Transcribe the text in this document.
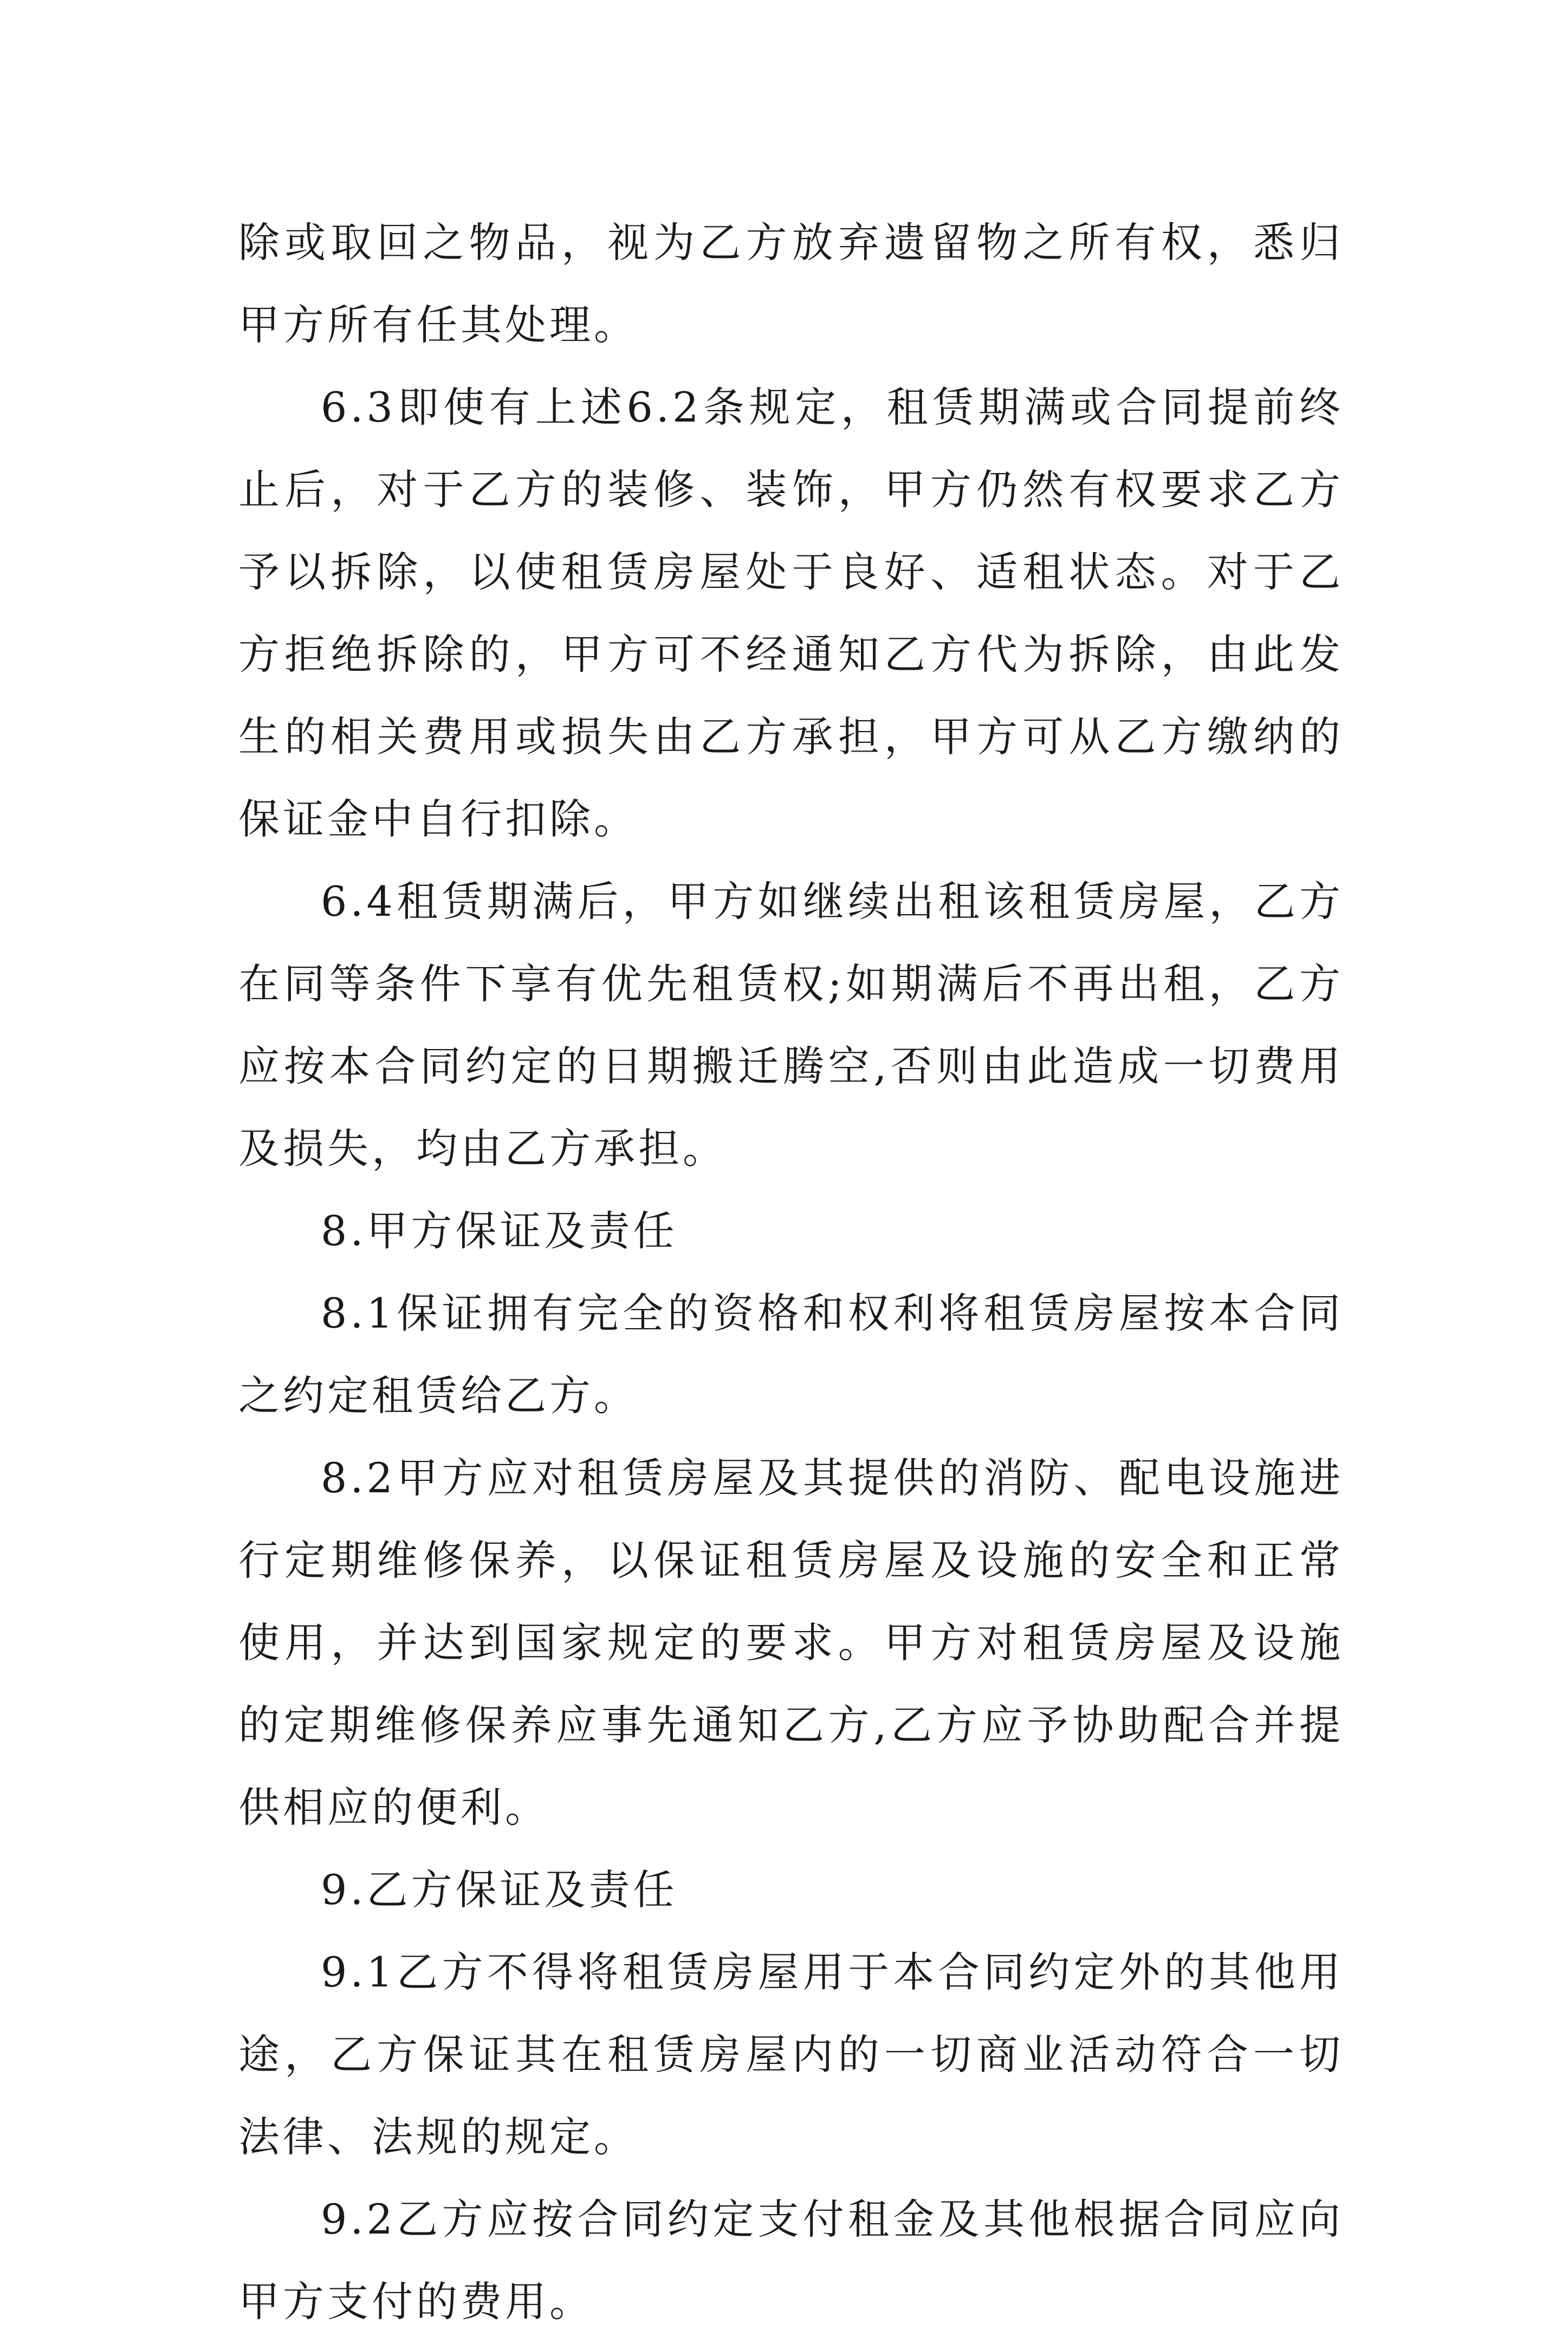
除或取回之物品，视为乙方放弃遗留物之所有权，悉归甲方所有任其处理。

6.3即使有上述6.2条规定，租赁期满或合同提前终止后，对于乙方的装修、装饰，甲方仍然有权要求乙方予以拆除，以使租赁房屋处于良好、适租状态。对于乙方拒绝拆除的，甲方可不经通知乙方代为拆除，由此发生的相关费用或损失由乙方承担，甲方可从乙方缴纳的保证金中自行扣除。

6.4租赁期满后，甲方如继续出租该租赁房屋，乙方在同等条件下享有优先租赁权;如期满后不再出租，乙方应按本合同约定的日期搬迁腾空,否则由此造成一切费用及损失，均由乙方承担。

8.甲方保证及责任

8.1保证拥有完全的资格和权利将租赁房屋按本合同之约定租赁给乙方。

8.2甲方应对租赁房屋及其提供的消防、配电设施进行定期维修保养，以保证租赁房屋及设施的安全和正常使用，并达到国家规定的要求。甲方对租赁房屋及设施的定期维修保养应事先通知乙方,乙方应予协助配合并提供相应的便利。

9.乙方保证及责任

9.1乙方不得将租赁房屋用于本合同约定外的其他用途，乙方保证其在租赁房屋内的一切商业活动符合一切法律、法规的规定。

9.2乙方应按合同约定支付租金及其他根据合同应向甲方支付的费用。
